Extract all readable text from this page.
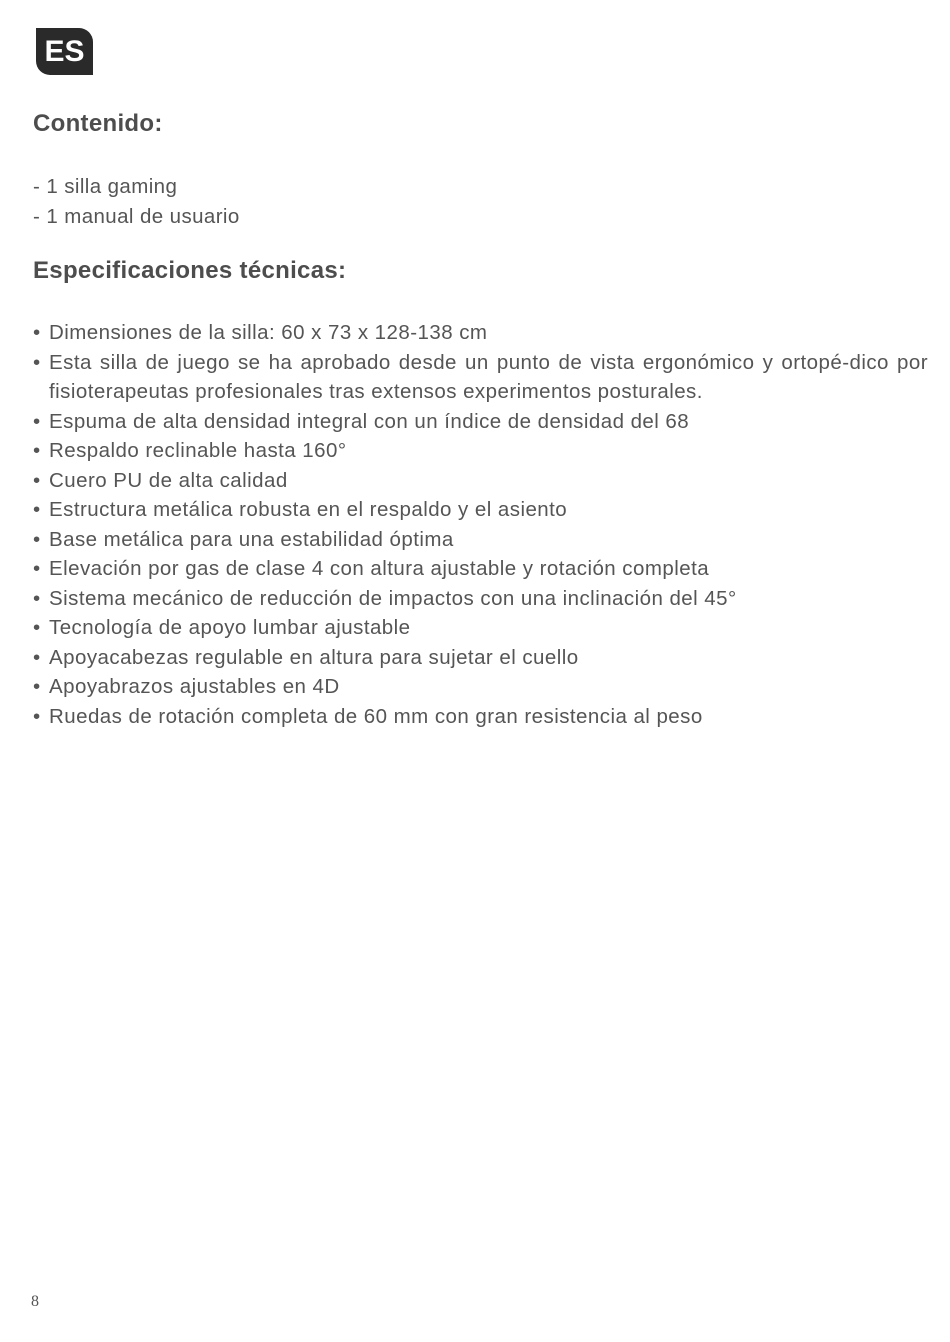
ES
Contenido:
- 1 silla gaming
- 1 manual de usuario
Especificaciones técnicas:
• Dimensiones de la silla: 60 x 73 x 128-138 cm
• Esta silla de juego se ha aprobado desde un punto de vista ergonómico y ortopé-dico por fisioterapeutas profesionales tras extensos experimentos posturales.
• Espuma de alta densidad integral con un índice de densidad del 68
• Respaldo reclinable hasta 160°
• Cuero PU de alta calidad
• Estructura metálica robusta en el respaldo y el asiento
• Base metálica para una estabilidad óptima
• Elevación por gas de clase 4 con altura ajustable y rotación completa
• Sistema mecánico de reducción de impactos con una inclinación del 45°
• Tecnología de apoyo lumbar ajustable
• Apoyacabezas regulable en altura para sujetar el cuello
• Apoyabrazos ajustables en 4D
• Ruedas de rotación completa de 60 mm con gran resistencia al peso
8
